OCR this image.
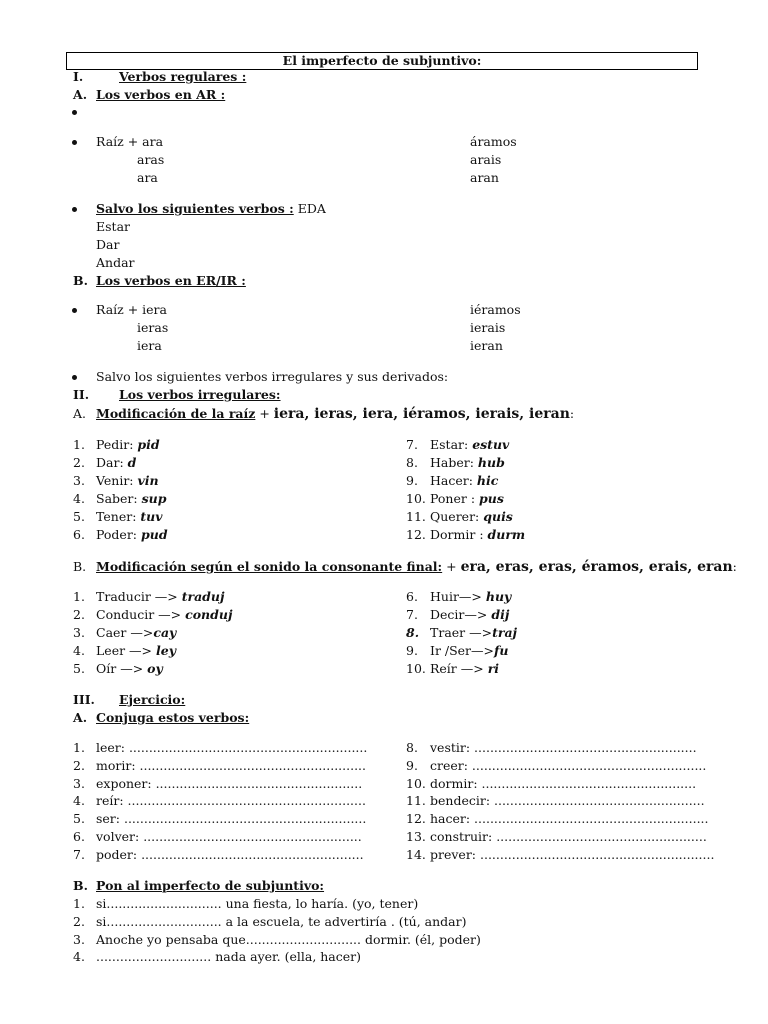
El imperfecto de subjuntivo:
I.	Verbos regulares :
A. Los verbos en AR :
Raíz + ara
aras
ara
áramos
arais
aran
Salvo los siguientes verbos : EDA
Estar
Dar
Andar
B. Los verbos en ER/IR :
Raíz + iera
ieras
iera
iéramos
ierais
ieran
Salvo los siguientes verbos irregulares y sus derivados:
II. Los verbos irregulares:
A. Modificación de la raíz + iera, ieras, iera, iéramos, ierais, ieran:
1. Pedir: pid
2. Dar: d
3. Venir: vin
4. Saber: sup
5. Tener: tuv
6. Poder: pud
7. Estar: estuv
8. Haber: hub
9. Hacer: hic
10. Poner : pus
11. Querer: quis
12. Dormir : durm
B. Modificación según el sonido la consonante final: + era, eras, eras, éramos, erais, eran:
1. Traducir —> traduj
2. Conducir —> conduj
3. Caer —>cay
4. Leer —> ley
5. Oír —> oy
6. Huir—> huy
7. Decir—> dij
8. Traer —>traj
9. Ir /Ser—>fu
10. Reír —> ri
III. Ejercicio:
A. Conjuga estos verbos:
1. leer: ............................................................
2. morir: .........................................................
3. exponer: ....................................................
4. reír: ............................................................
5. ser: .............................................................
6. volver: .......................................................
7. poder: ........................................................
8. vestir: ........................................................
9. creer: ...........................................................
10. dormir: ......................................................
11. bendecir: .....................................................
12. hacer: ...........................................................
13. construir: .....................................................
14. prever: ...........................................................
B. Pon al imperfecto de subjuntivo:
1. si............................. una fiesta, lo haría. (yo, tener)
2. si............................. a la escuela, te advertiría . (tú, andar)
3. Anoche yo pensaba que............................. dormir. (él, poder)
4. ............................. nada ayer. (ella, hacer)
